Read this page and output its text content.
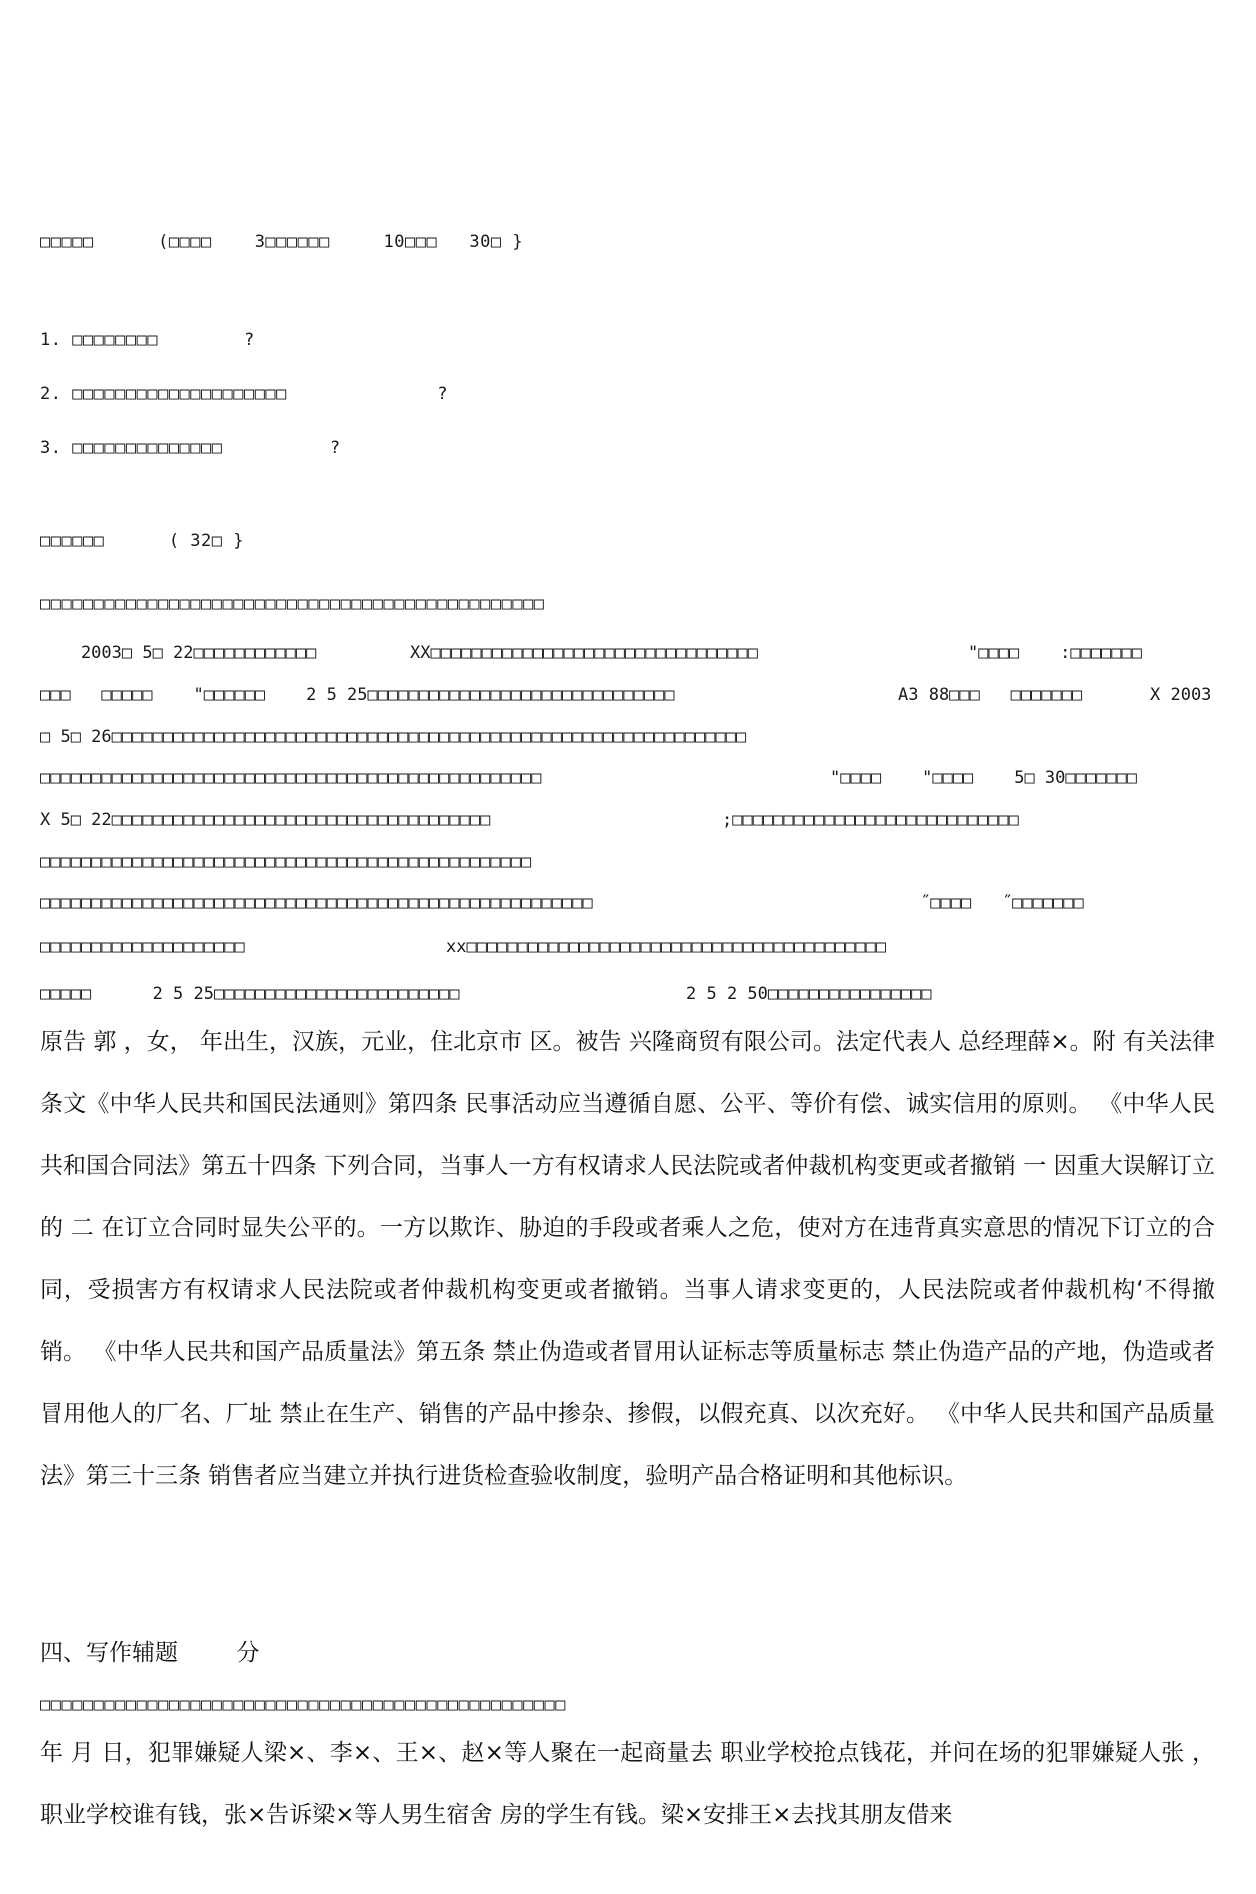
□□□□□      (□□□□    3□□□□□□     10□□□   30□ }
1. □□□□□□□□        ?
2. □□□□□□□□□□□□□□□□□□□□              ?
3. □□□□□□□□□□□□□□          ?
□□□□□□      ( 32□ }
□□□□□□□□□□□□□□□□□□□□□□□□□□□□□□□□□□□□□□□□□□□□□□□
2003□ 5□ 22□□□□□□□□□□□□	XX□□□□□□□□□□□□□□□□□□□□□□□□□□□□□□□□	"□□□□    :□□□□□□□
□□□   □□□□□    "□□□□□□    2 5 25□□□□□□□□□□□□□□□□□□□□□□□□□□□□□□	A3 88□□□   □□□□□□□	X 2003
□ 5□ 26□□□□□□□□□□□□□□□□□□□□□□□□□□□□□□□□□□□□□□□□□□□□□□□□□□□□□□□□□□□□□□
□□□□□□□□□□□□□□□□□□□□□□□□□□□□□□□□□□□□□□□□□□□□□□□□□	"□□□□    "□□□□    5□ 30□□□□□□□
X 5□ 22□□□□□□□□□□□□□□□□□□□□□□□□□□□□□□□□□□□□□	;□□□□□□□□□□□□□□□□□□□□□□□□□□□□
□□□□□□□□□□□□□□□□□□□□□□□□□□□□□□□□□□□□□□□□□□□□□□□□
□□□□□□□□□□□□□□□□□□□□□□□□□□□□□□□□□□□□□□□□□□□□□□□□□□□□□□	˝□□□□   ˝□□□□□□□
□□□□□□□□□□□□□□□□□□□□	xx□□□□□□□□□□□□□□□□□□□□□□□□□□□□□□□□□□□□□□□□□
□□□□□      2 5 25□□□□□□□□□□□□□□□□□□□□□□□□	2 5 2 50□□□□□□□□□□□□□□□□
原告 郭 ，女， 年出生，汉族，元业，住北京市 区。被告 兴隆商贸有限公司。法定代表人 总经理薛×。附 有关法律条文《中华人民共和国民法通则》第四条 民事活动应当遵循自愿、公平、等价有偿、诚实信用的原则。 《中华人民共和国合同法》第五十四条 下列合同，当事人一方有权请求人民法院或者仲裁机构变更或者撤销 一 因重大误解订立的 二 在订立合同时显失公平的。一方以欺诈、胁迫的手段或者乘人之危，使对方在违背真实意思的情况下订立的合同，受损害方有权请求人民法院或者仲裁机构变更或者撤销。当事人请求变更的，人民法院或者仲裁机构‘不得撤销。 《中华人民共和国产品质量法》第五条 禁止伪造或者冒用认证标志等质量标志 禁止伪造产品的产地，伪造或者冒用他人的厂名、厂址 禁止在生产、销售的产品中掺杂、掺假，以假充真、以次充好。 《中华人民共和国产品质量法》第三十三条 销售者应当建立并执行进货检查验收制度，验明产品合格证明和其他标识。
四、写作辅题        分
□□□□□□□□□□□□□□□□□□□□□□□□□□□□□□□□□□□□□□□□□□□□□□□□□
年 月 日，犯罪嫌疑人梁×、李×、王×、赵×等人聚在一起商量去 职业学校抢点钱花，并问在场的犯罪嫌疑人张 ，职业学校谁有钱，张×告诉梁×等人男生宿舍 房的学生有钱。梁×安排王×去找其朋友借来
